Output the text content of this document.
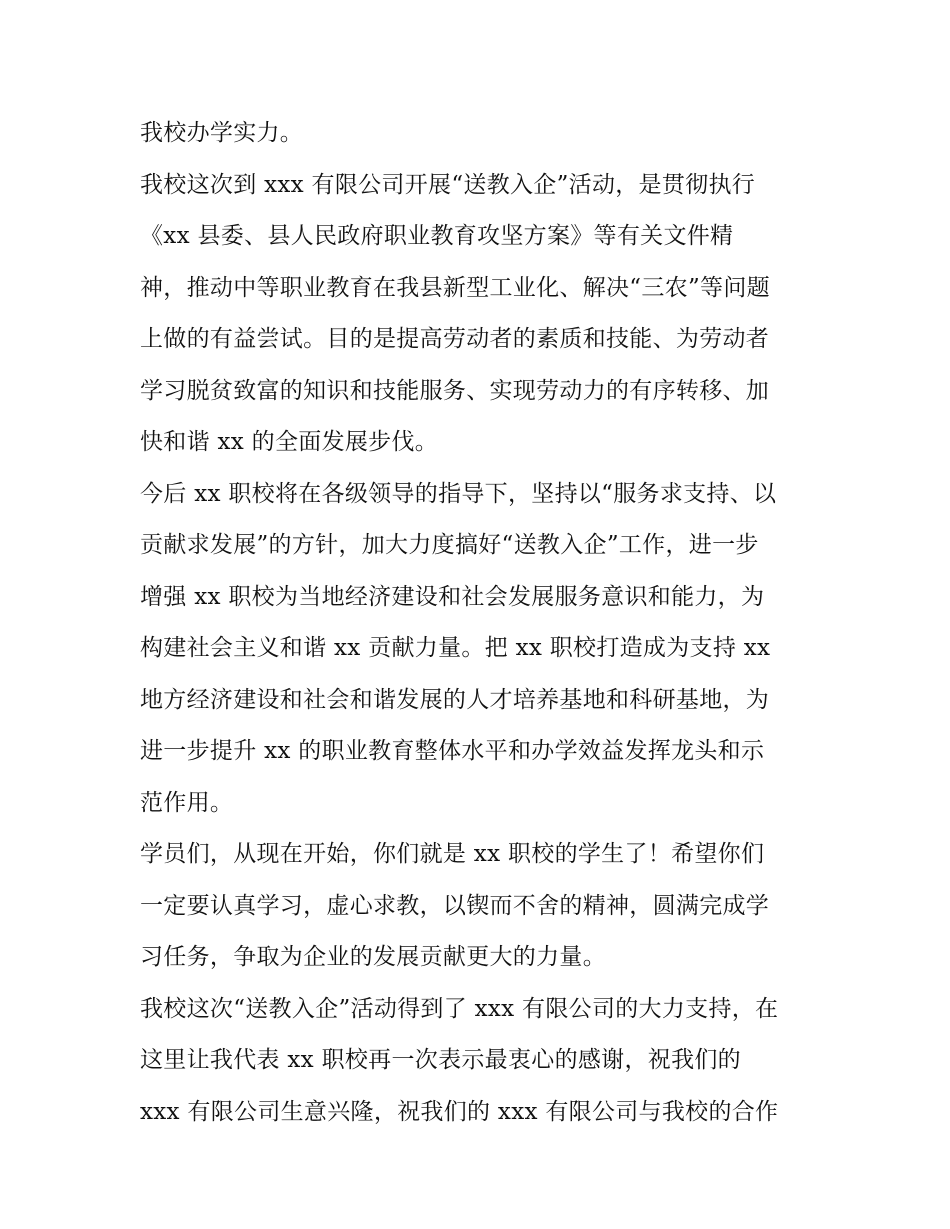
我校办学实力。
我校这次到 xxx 有限公司开展“送教入企”活动，是贯彻执行
《xx 县委、县人民政府职业教育攻坚方案》等有关文件精
神，推动中等职业教育在我县新型工业化、解决“三农”等问题
上做的有益尝试。目的是提高劳动者的素质和技能、为劳动者
学习脱贫致富的知识和技能服务、实现劳动力的有序转移、加
快和谐 xx 的全面发展步伐。
今后 xx 职校将在各级领导的指导下，坚持以“服务求支持、以
贡献求发展”的方针，加大力度搞好“送教入企”工作，进一步
增强 xx 职校为当地经济建设和社会发展服务意识和能力，为
构建社会主义和谐 xx 贡献力量。把 xx 职校打造成为支持 xx
地方经济建设和社会和谐发展的人才培养基地和科研基地，为
进一步提升 xx 的职业教育整体水平和办学效益发挥龙头和示
范作用。
学员们，从现在开始，你们就是 xx 职校的学生了！希望你们
一定要认真学习，虚心求教，以锲而不舍的精神，圆满完成学
习任务，争取为企业的发展贡献更大的力量。
我校这次“送教入企”活动得到了 xxx 有限公司的大力支持，在
这里让我代表 xx 职校再一次表示最衷心的感谢，祝我们的
xxx 有限公司生意兴隆，祝我们的 xxx 有限公司与我校的合作
